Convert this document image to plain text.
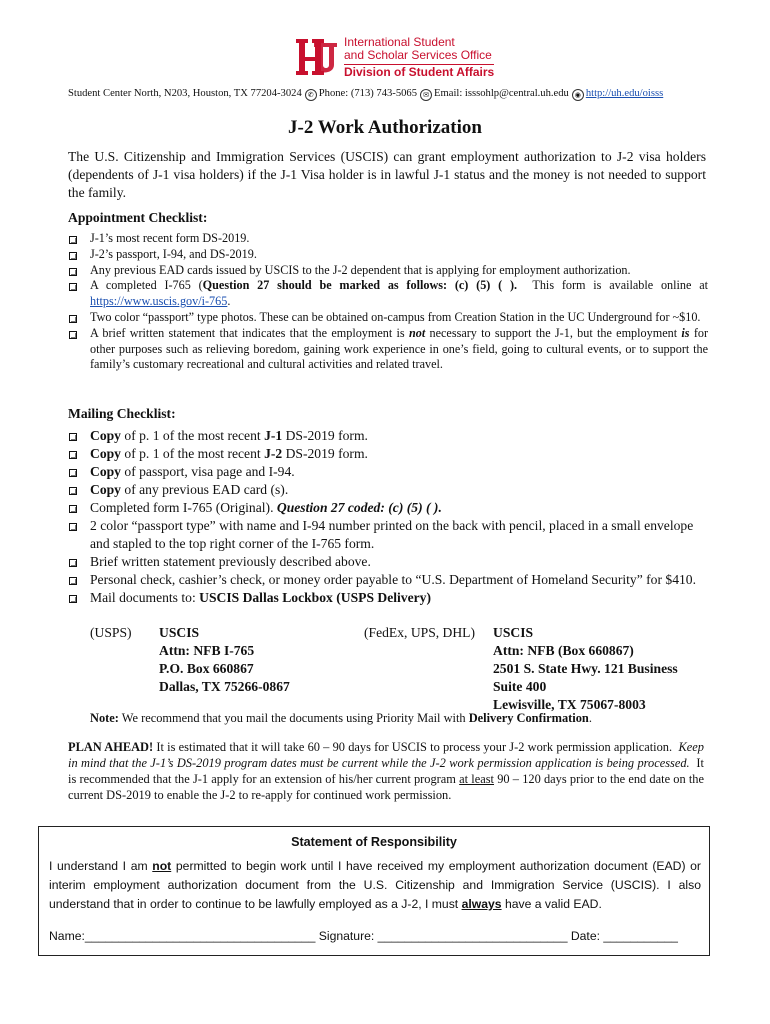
International Student
and Scholar Services Office
Division of Student Affairs
Student Center North, N203, Houston, TX 77204-3024 ✆ Phone: (713) 743-5065 ✉ Email: isssohlp@central.uh.edu ◉ http://uh.edu/oisss
J-2 Work Authorization
The U.S. Citizenship and Immigration Services (USCIS) can grant employment authorization to J-2 visa holders (dependents of J-1 visa holders) if the J-1 Visa holder is in lawful J-1 status and the money is not needed to support the family.
Appointment Checklist:
J-1’s most recent form DS-2019.
J-2’s passport, I-94, and DS-2019.
Any previous EAD cards issued by USCIS to the J-2 dependent that is applying for employment authorization.
A completed I-765 (Question 27 should be marked as follows: (c) (5) ( ). This form is available online at https://www.uscis.gov/i-765.
Two color “passport” type photos. These can be obtained on-campus from Creation Station in the UC Underground for ~$10.
A brief written statement that indicates that the employment is not necessary to support the J-1, but the employment is for other purposes such as relieving boredom, gaining work experience in one’s field, going to cultural events, or to support the family’s customary recreational and cultural activities and related travel.
Mailing Checklist:
Copy of p. 1 of the most recent J-1 DS-2019 form.
Copy of p. 1 of the most recent J-2 DS-2019 form.
Copy of passport, visa page and I-94.
Copy of any previous EAD card (s).
Completed form I-765 (Original). Question 27 coded: (c) (5) ( ).
2 color “passport type” with name and I-94 number printed on the back with pencil, placed in a small envelope and stapled to the top right corner of the I-765 form.
Brief written statement previously described above.
Personal check, cashier’s check, or money order payable to “U.S. Department of Homeland Security” for $410.
Mail documents to: USCIS Dallas Lockbox (USPS Delivery)
(USPS) USCIS
Attn: NFB I-765
P.O. Box 660867
Dallas, TX 75266-0867
(FedEx, UPS, DHL) USCIS
Attn: NFB (Box 660867)
2501 S. State Hwy. 121 Business
Suite 400
Lewisville, TX 75067-8003
Note: We recommend that you mail the documents using Priority Mail with Delivery Confirmation.
PLAN AHEAD! It is estimated that it will take 60 – 90 days for USCIS to process your J-2 work permission application. Keep in mind that the J-1’s DS-2019 program dates must be current while the J-2 work permission application is being processed. It is recommended that the J-1 apply for an extension of his/her current program at least 90 – 120 days prior to the end date on the current DS-2019 to enable the J-2 to re-apply for continued work permission.
Statement of Responsibility
I understand I am not permitted to begin work until I have received my employment authorization document (EAD) or interim employment authorization document from the U.S. Citizenship and Immigration Service (USCIS). I also understand that in order to continue to be lawfully employed as a J-2, I must always have a valid EAD.
Name:__________________________________ Signature: ____________________________ Date: ___________
